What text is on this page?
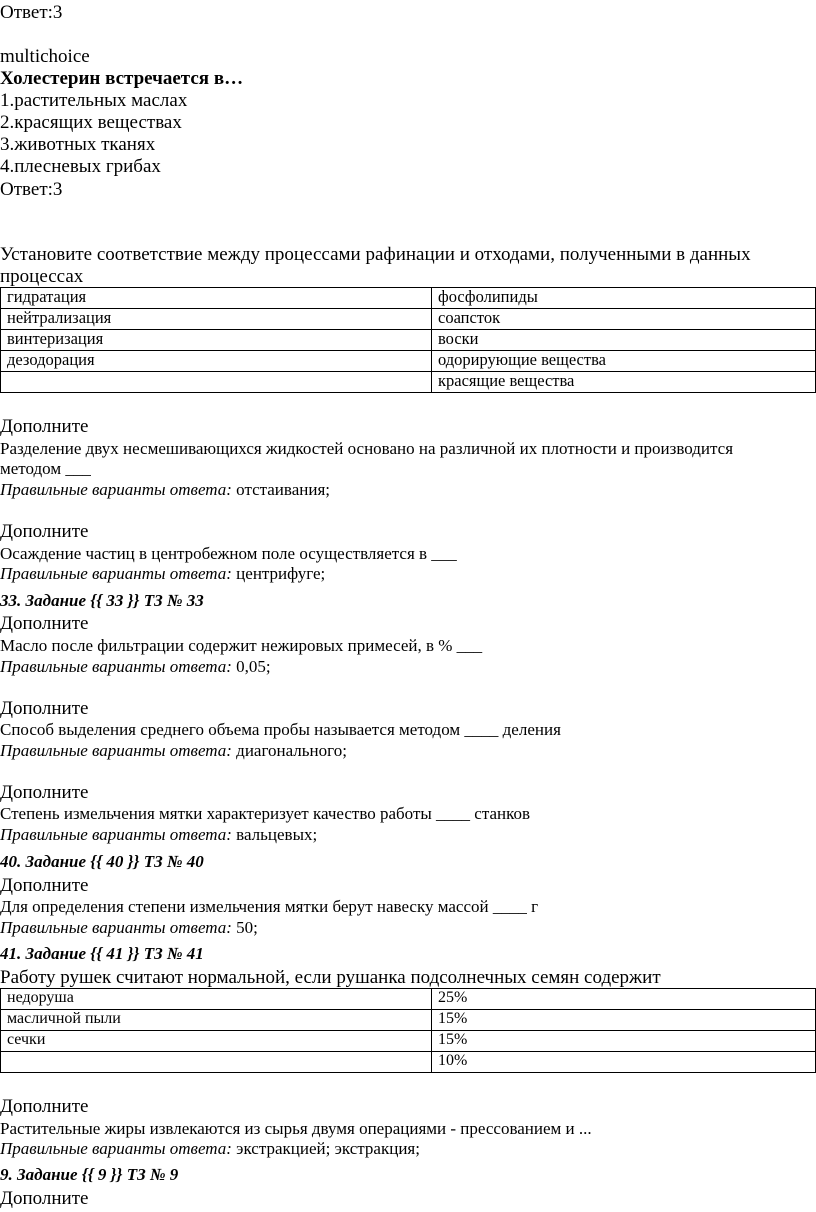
Ответ:3
multichoice
Холестерин встречается в…
1.растительных маслах
2.красящих веществах
3.животных тканях
4.плесневых грибах
Ответ:3
Установите соответствие между процессами рафинации и отходами, полученными в данных
процессах
гидратация	фосфолипиды
нейтрализация	соапсток
винтеризация	воски
дезодорация	одорирующие вещества
	красящие вещества
Дополните
Разделение двух несмешивающихся жидкостей основано на различной их плотности и производится
методом ___
Правильные варианты ответа: отстаивания;
Дополните
Осаждение частиц в центробежном поле осуществляется в ___
Правильные варианты ответа: центрифуге;
33. Задание {{ 33 }} ТЗ № 33
Дополните
Масло после фильтрации содержит нежировых примесей, в % ___
Правильные варианты ответа: 0,05;
Дополните
Способ выделения среднего объема пробы называется методом ____ деления
Правильные варианты ответа: диагонального;
Дополните
Степень измельчения мятки характеризует качество работы ____ станков
Правильные варианты ответа: вальцевых;
40. Задание {{ 40 }} ТЗ № 40
Дополните
Для определения степени измельчения мятки берут навеску массой ____ г
Правильные варианты ответа: 50;
41. Задание {{ 41 }} ТЗ № 41
Работу рушек считают нормальной, если рушанка подсолнечных семян содержит
недоруша	25%
масличной пыли	15%
сечки	15%
	10%
Дополните
Растительные жиры извлекаются из сырья двумя операциями - прессованием и ...
Правильные варианты ответа: экстракцией; экстракция;
9. Задание {{ 9 }} ТЗ № 9
Дополните
